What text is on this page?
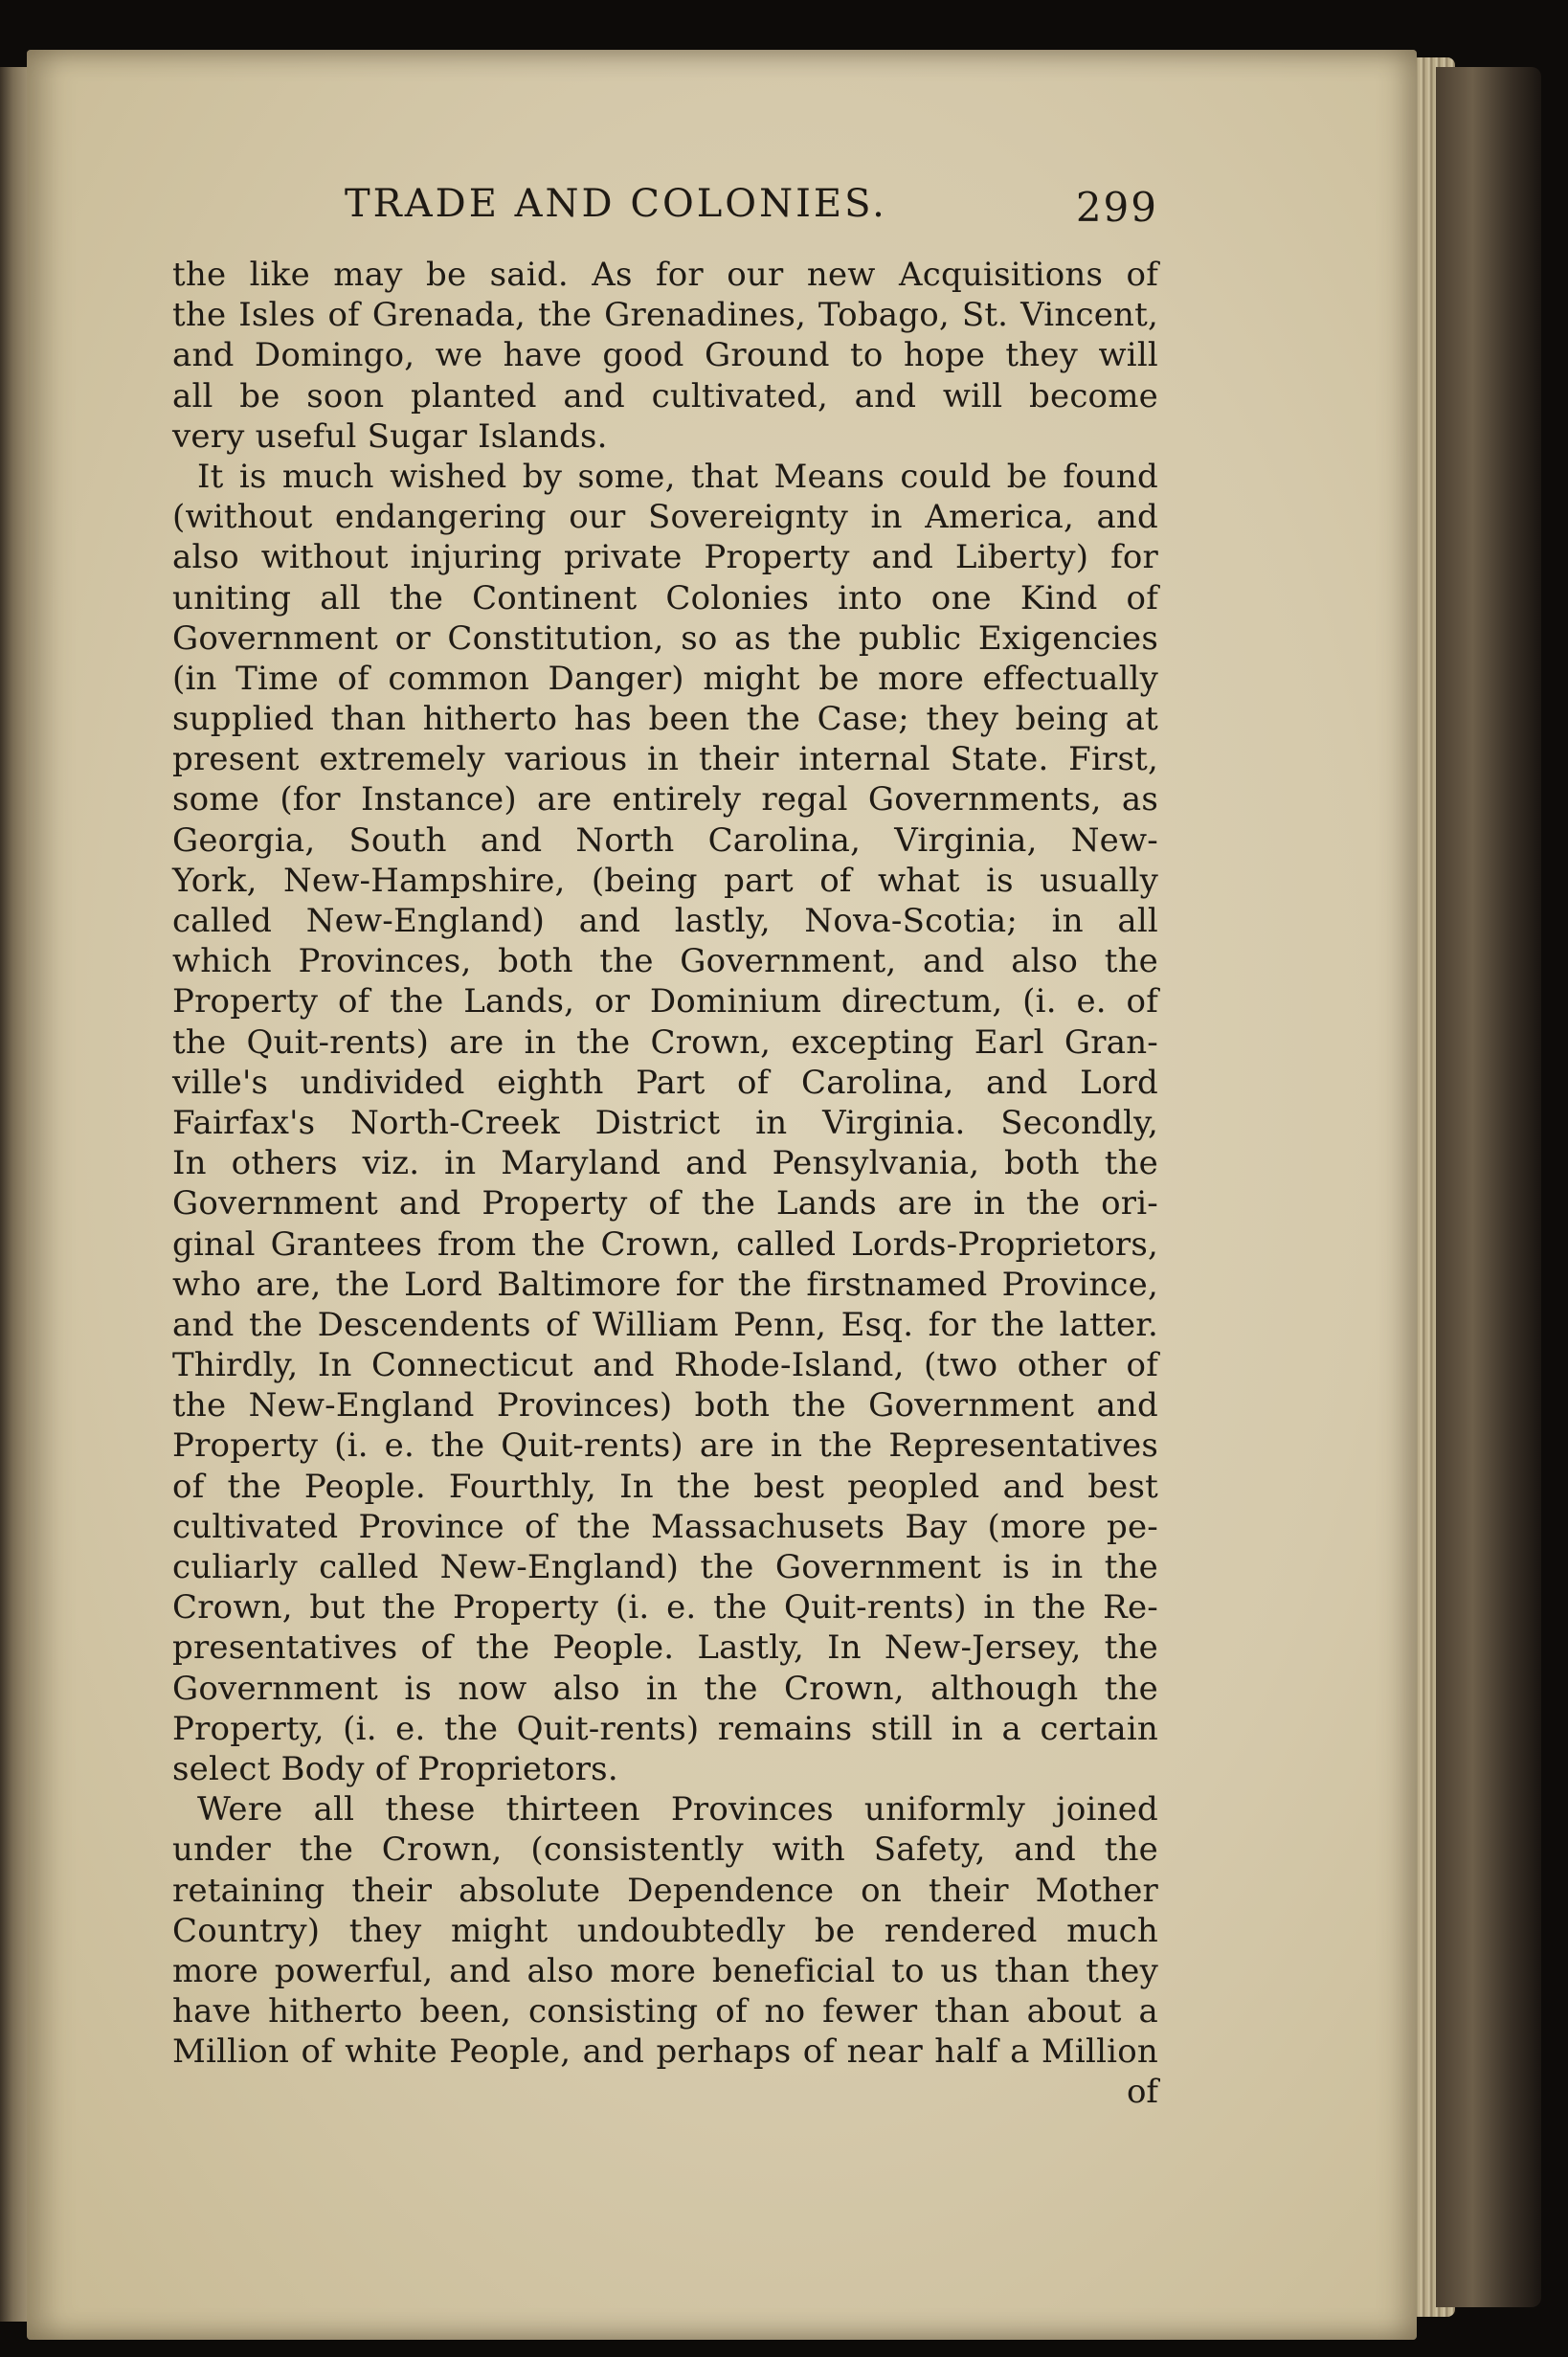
TRADE AND COLONIES.	299
the like may be said. As for our new Acquisitions of
the Isles of Grenada, the Grenadines, Tobago, St. Vincent,
and Domingo, we have good Ground to hope they will
all be soon planted and cultivated, and will become
very useful Sugar Islands.
It is much wished by some, that Means could be found
(without endangering our Sovereignty in America, and
also without injuring private Property and Liberty) for
uniting all the Continent Colonies into one Kind of
Government or Constitution, so as the public Exigencies
(in Time of common Danger) might be more effectually
supplied than hitherto has been the Case; they being at
present extremely various in their internal State. First,
some (for Instance) are entirely regal Governments, as
Georgia, South and North Carolina, Virginia, New-
York, New-Hampshire, (being part of what is usually
called New-England) and lastly, Nova-Scotia; in all
which Provinces, both the Government, and also the
Property of the Lands, or Dominium directum, (i. e. of
the Quit-rents) are in the Crown, excepting Earl Gran-
ville's undivided eighth Part of Carolina, and Lord
Fairfax's North-Creek District in Virginia. Secondly,
In others viz. in Maryland and Pensylvania, both the
Government and Property of the Lands are in the ori-
ginal Grantees from the Crown, called Lords-Proprietors,
who are, the Lord Baltimore for the firstnamed Province,
and the Descendents of William Penn, Esq. for the latter.
Thirdly, In Connecticut and Rhode-Island, (two other of
the New-England Provinces) both the Government and
Property (i. e. the Quit-rents) are in the Representatives
of the People. Fourthly, In the best peopled and best
cultivated Province of the Massachusets Bay (more pe-
culiarly called New-England) the Government is in the
Crown, but the Property (i. e. the Quit-rents) in the Re-
presentatives of the People. Lastly, In New-Jersey, the
Government is now also in the Crown, although the
Property, (i. e. the Quit-rents) remains still in a certain
select Body of Proprietors.
Were all these thirteen Provinces uniformly joined
under the Crown, (consistently with Safety, and the
retaining their absolute Dependence on their Mother
Country) they might undoubtedly be rendered much
more powerful, and also more beneficial to us than they
have hitherto been, consisting of no fewer than about a
Million of white People, and perhaps of near half a Million
of
